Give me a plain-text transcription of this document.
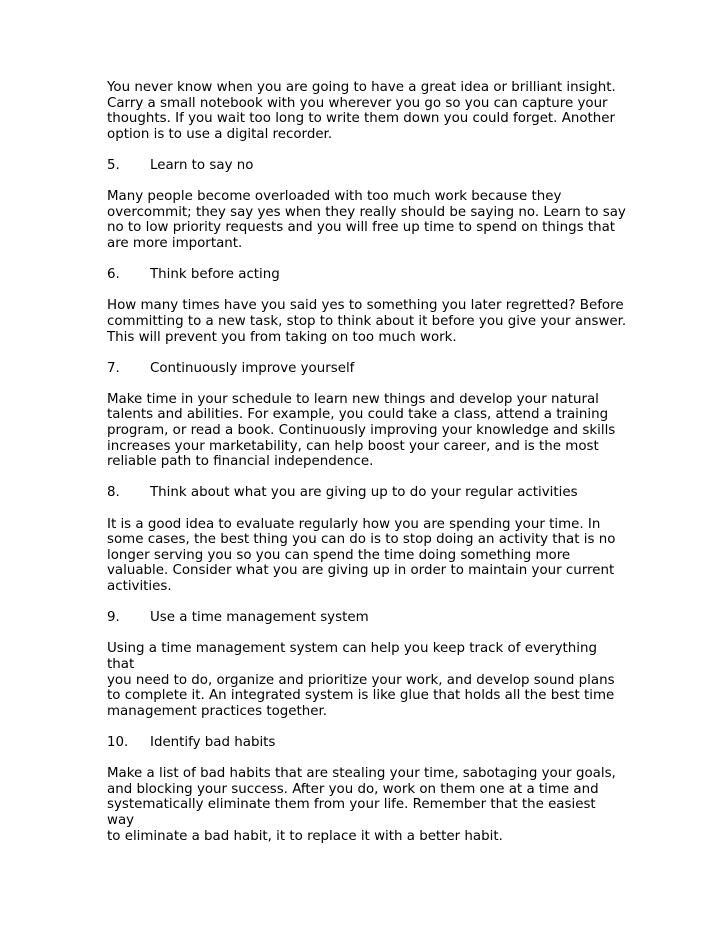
You never know when you are going to have a great idea or brilliant insight.
Carry a small notebook with you wherever you go so you can capture your
thoughts. If you wait too long to write them down you could forget. Another
option is to use a digital recorder.

5.	Learn to say no

Many people become overloaded with too much work because they
overcommit; they say yes when they really should be saying no. Learn to say
no to low priority requests and you will free up time to spend on things that
are more important.

6.	Think before acting

How many times have you said yes to something you later regretted? Before
committing to a new task, stop to think about it before you give your answer.
This will prevent you from taking on too much work.

7.	Continuously improve yourself

Make time in your schedule to learn new things and develop your natural
talents and abilities. For example, you could take a class, attend a training
program, or read a book. Continuously improving your knowledge and skills
increases your marketability, can help boost your career, and is the most
reliable path to financial independence.

8.	Think about what you are giving up to do your regular activities

It is a good idea to evaluate regularly how you are spending your time. In
some cases, the best thing you can do is to stop doing an activity that is no
longer serving you so you can spend the time doing something more
valuable. Consider what you are giving up in order to maintain your current
activities.

9.	Use a time management system

Using a time management system can help you keep track of everything that
you need to do, organize and prioritize your work, and develop sound plans
to complete it. An integrated system is like glue that holds all the best time
management practices together.

10.	Identify bad habits

Make a list of bad habits that are stealing your time, sabotaging your goals,
and blocking your success. After you do, work on them one at a time and
systematically eliminate them from your life. Remember that the easiest way
to eliminate a bad habit, it to replace it with a better habit.
